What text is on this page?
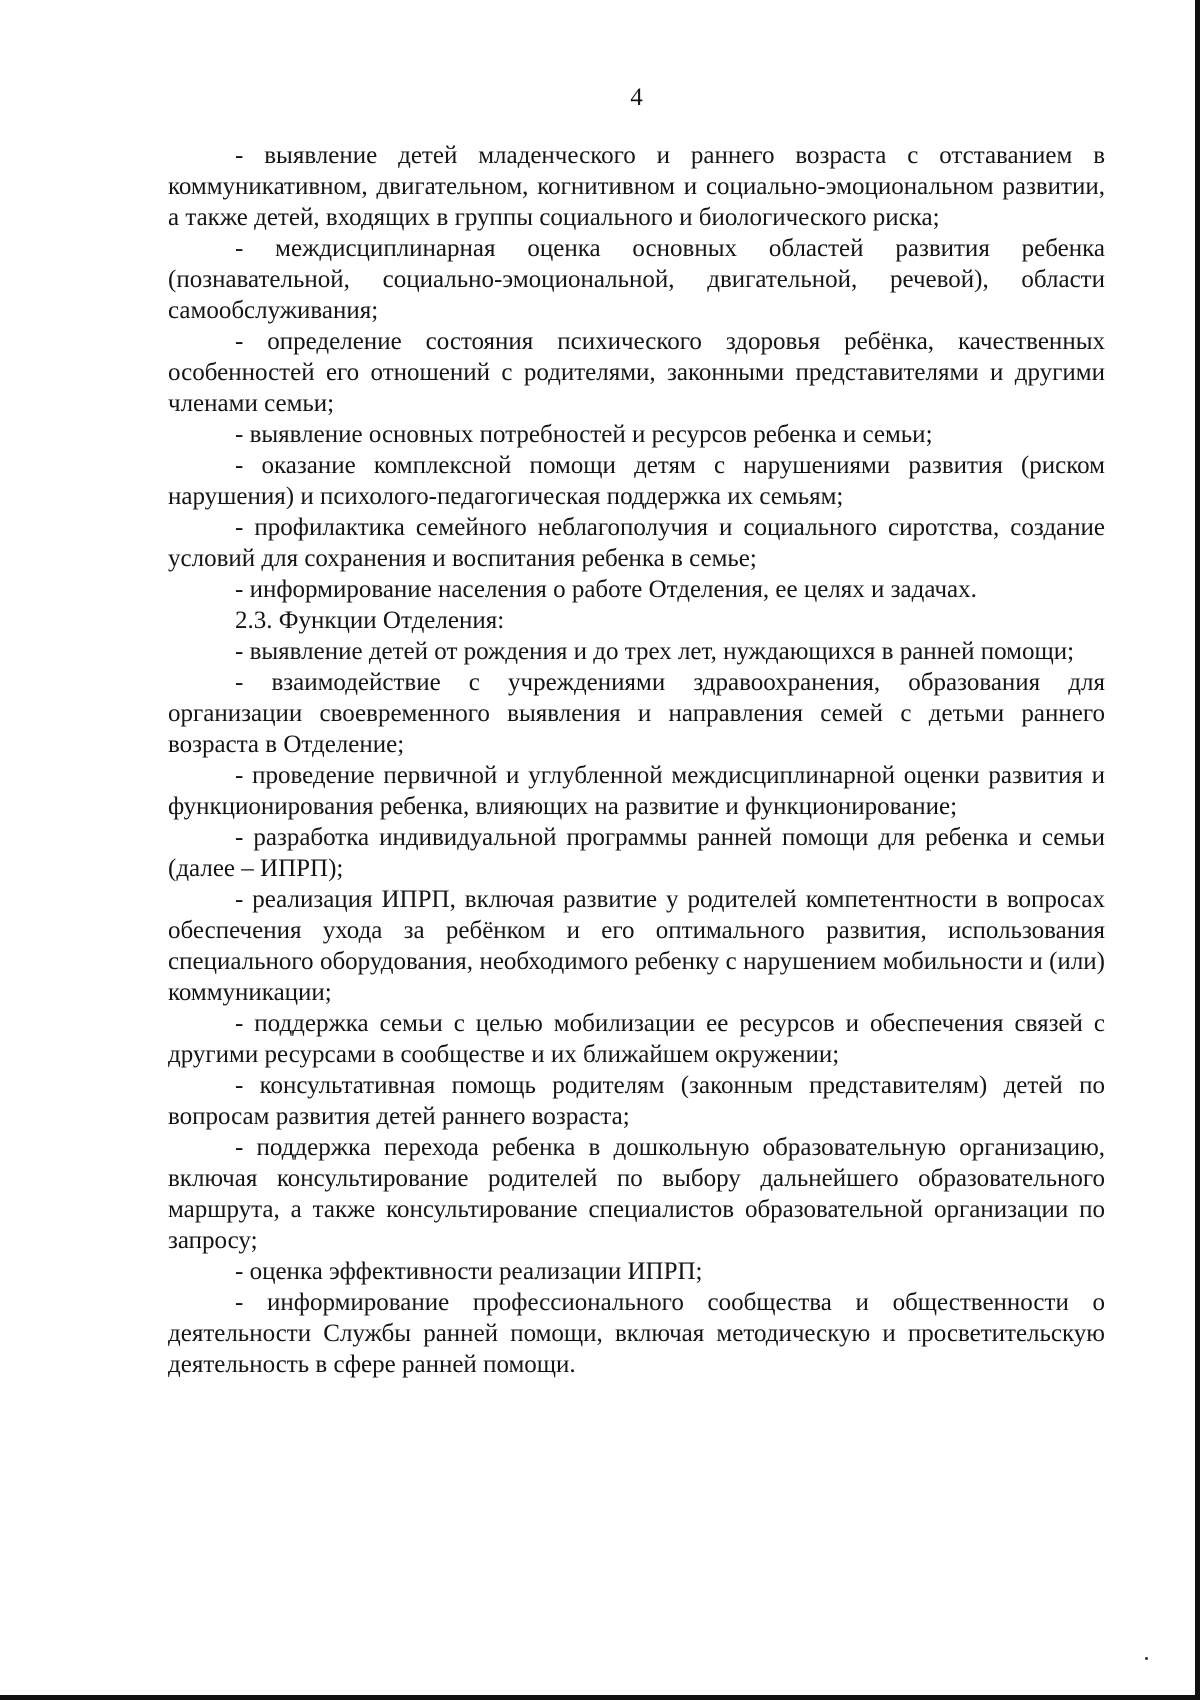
4

- выявление детей младенческого и раннего возраста с отставанием в коммуникативном, двигательном, когнитивном и социально-эмоциональном развитии, а также детей, входящих в группы социального и биологического риска;

- междисциплинарная оценка основных областей развития ребенка (познавательной, социально-эмоциональной, двигательной, речевой), области самообслуживания;

- определение состояния психического здоровья ребёнка, качественных особенностей его отношений с родителями, законными представителями и другими членами семьи;

- выявление основных потребностей и ресурсов ребенка и семьи;

- оказание комплексной помощи детям с нарушениями развития (риском нарушения) и психолого-педагогическая поддержка их семьям;

- профилактика семейного неблагополучия и социального сиротства, создание условий для сохранения и воспитания ребенка в семье;

- информирование населения о работе Отделения, ее целях и задачах.

2.3. Функции Отделения:

- выявление детей от рождения и до трех лет, нуждающихся в ранней помощи;

- взаимодействие с учреждениями здравоохранения, образования для организации своевременного выявления и направления семей с детьми раннего возраста в Отделение;

- проведение первичной и углубленной междисциплинарной оценки развития и функционирования ребенка, влияющих на развитие и функционирование;

- разработка индивидуальной программы ранней помощи для ребенка и семьи (далее – ИПРП);

- реализация ИПРП, включая развитие у родителей компетентности в вопросах обеспечения ухода за ребёнком и его оптимального развития, использования специального оборудования, необходимого ребенку с нарушением мобильности и (или) коммуникации;

- поддержка семьи с целью мобилизации ее ресурсов и обеспечения связей с другими ресурсами в сообществе и их ближайшем окружении;

- консультативная помощь родителям (законным представителям) детей по вопросам развития детей раннего возраста;

- поддержка перехода ребенка в дошкольную образовательную организацию, включая консультирование родителей по выбору дальнейшего образовательного маршрута, а также консультирование специалистов образовательной организации по запросу;

- оценка эффективности реализации ИПРП;

- информирование профессионального сообщества и общественности о деятельности Службы ранней помощи, включая методическую и просветительскую деятельность в сфере ранней помощи.
